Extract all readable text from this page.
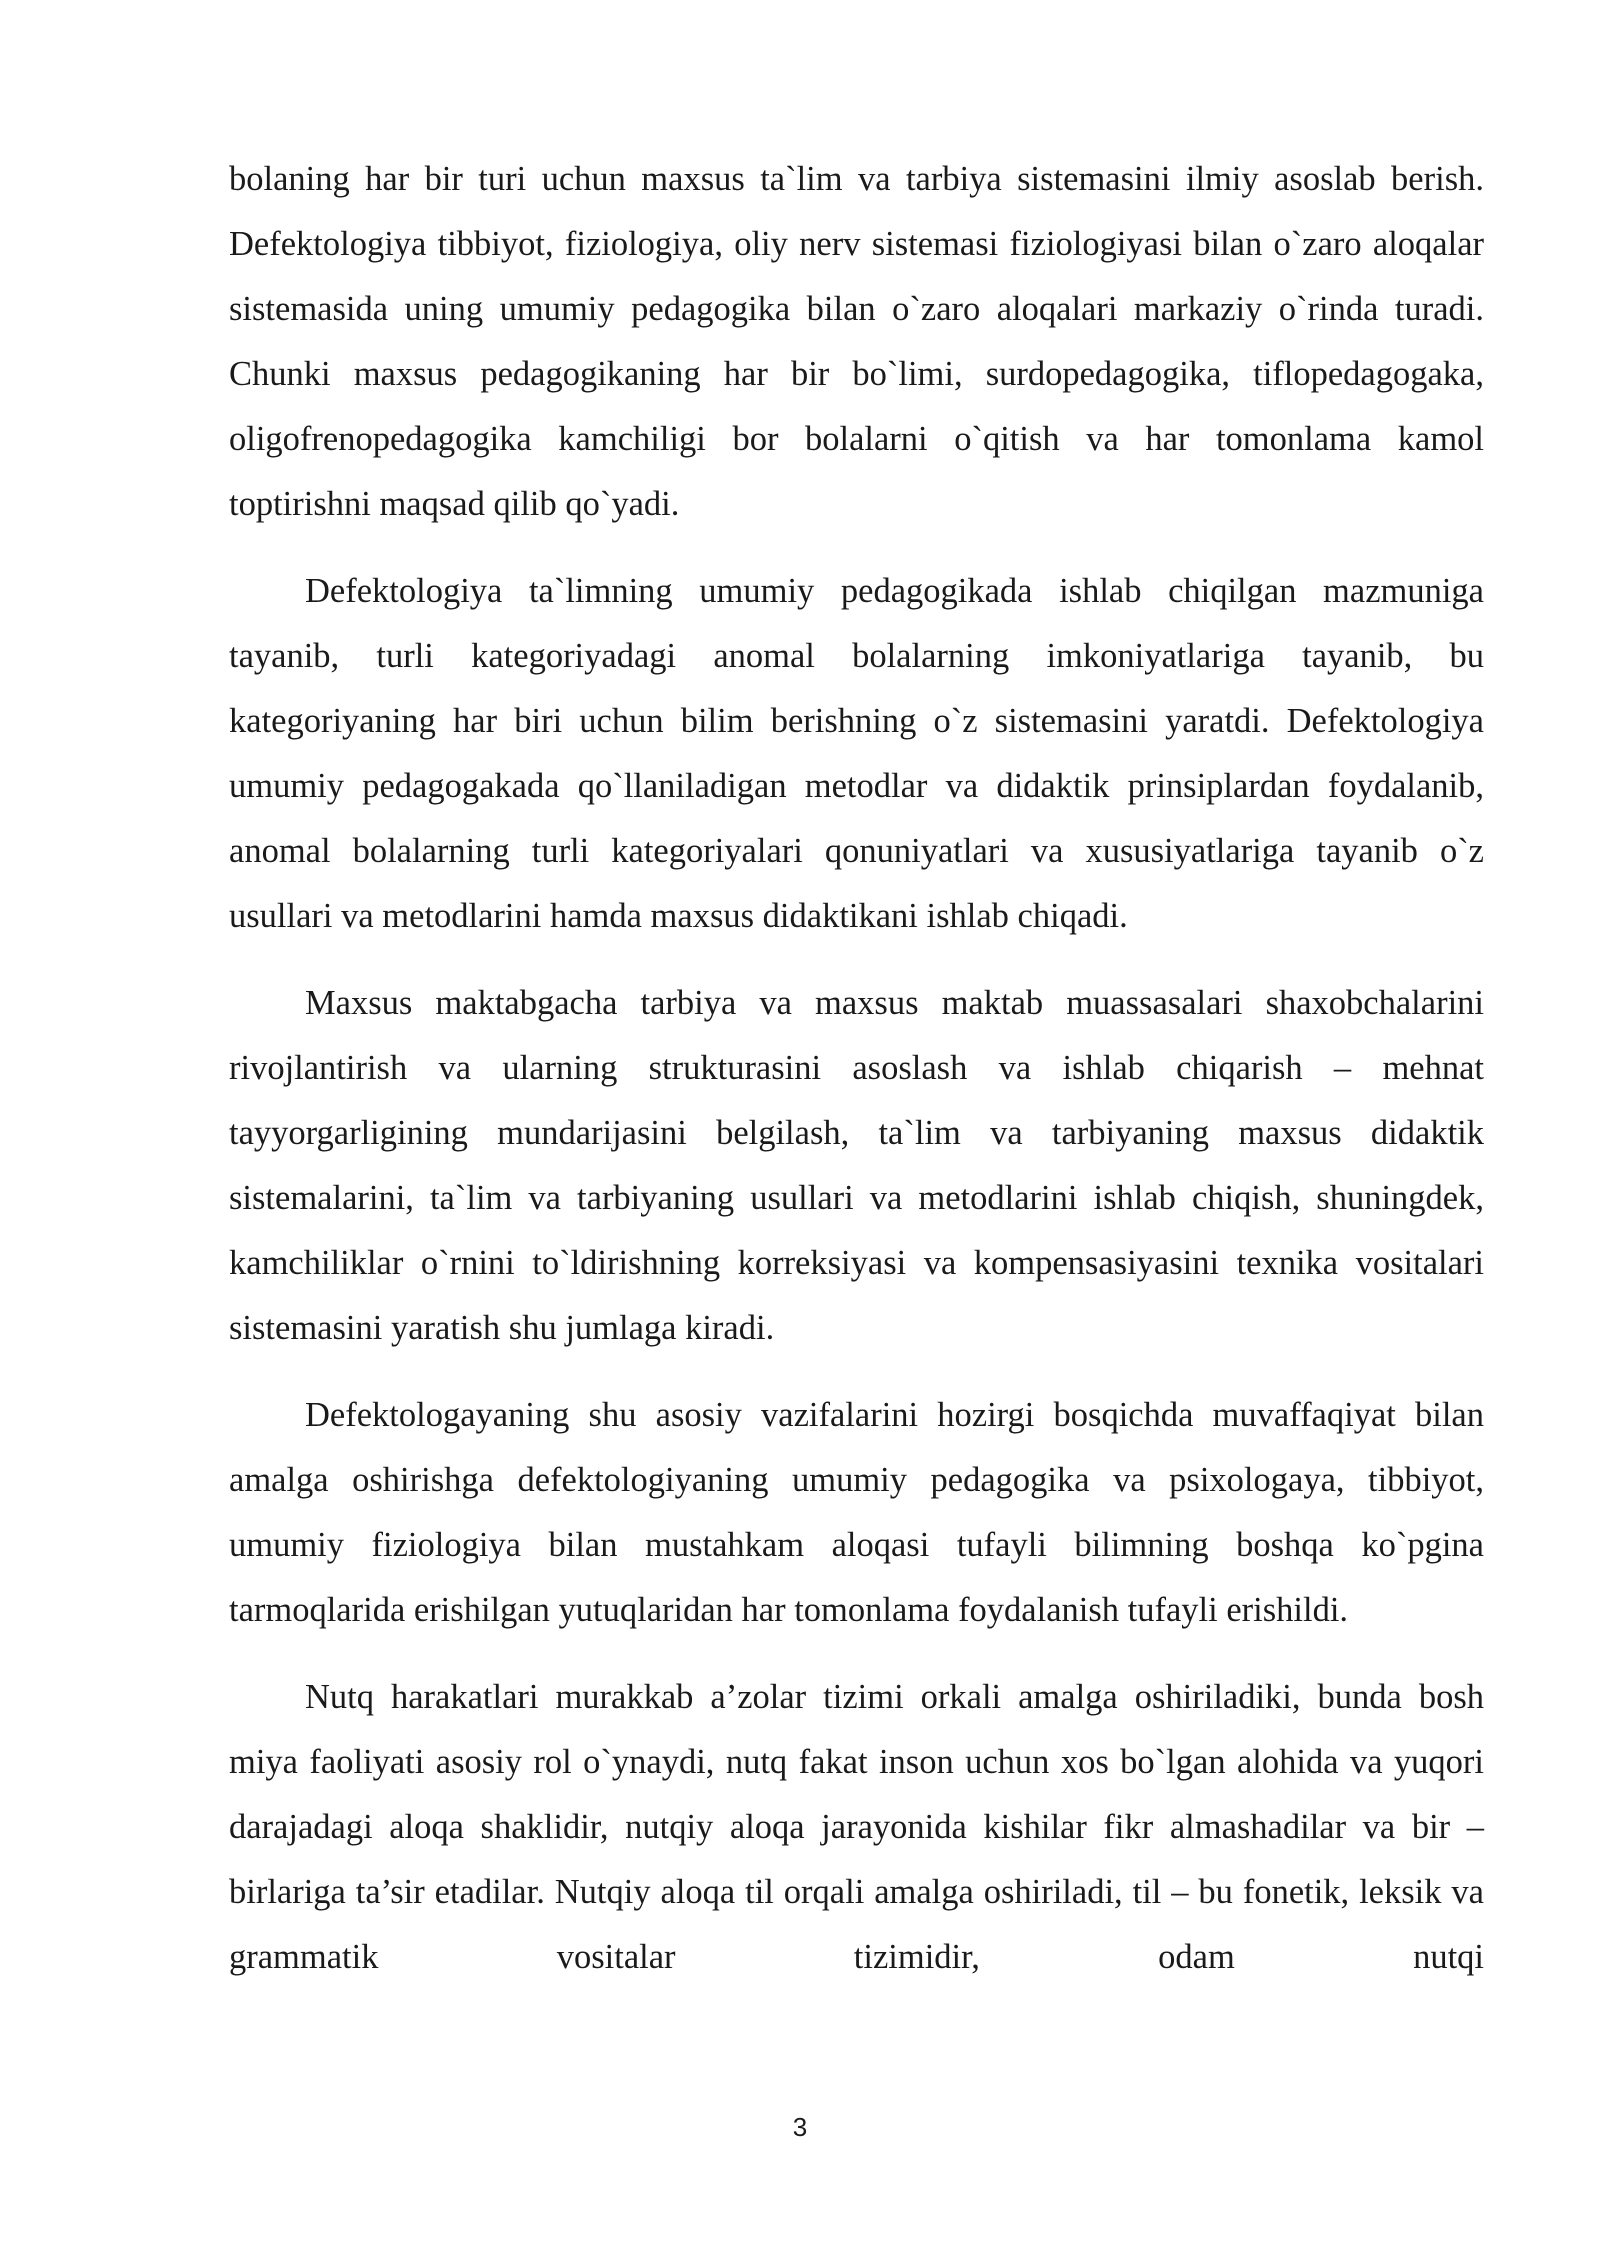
bolaning har bir turi uchun maxsus ta`lim va tarbiya sistemasini ilmiy asoslab berish. Defektologiya tibbiyot, fiziologiya, oliy nerv sistemasi fiziologiyasi bilan o`zaro aloqalar sistemasida uning umumiy pedagogika bilan o`zaro aloqalari markaziy o`rinda turadi. Chunki maxsus pedagogikaning har bir bo`limi, surdopedagogika, tiflopedagogaka, oligofrenopedagogika kamchiligi bor bolalarni o`qitish va har tomonlama kamol toptirishni maqsad qilib qo`yadi.

Defektologiya ta`limning umumiy pedagogikada ishlab chiqilgan mazmuniga tayanib, turli kategoriyadagi anomal bolalarning imkoniyatlariga tayanib, bu kategoriyaning har biri uchun bilim berishning o`z sistemasini yaratdi. Defektologiya umumiy pedagogakada qo`llaniladigan metodlar va didaktik prinsiplardan foydalanib, anomal bolalarning turli kategoriyalari qonuniyatlari va xususiyatlariga tayanib o`z usullari va metodlarini hamda maxsus didaktikani ishlab chiqadi.

Maxsus maktabgacha tarbiya va maxsus maktab muassasalari shaxobchalarini rivojlantirish va ularning strukturasini asoslash va ishlab chiqarish – mehnat tayyorgarligining mundarijasini belgilash, ta`lim va tarbiyaning maxsus didaktik sistemalarini, ta`lim va tarbiyaning usullari va metodlarini ishlab chiqish, shuningdek, kamchiliklar o`rnini to`ldirishning korreksiyasi va kompensasiyasini texnika vositalari sistemasini yaratish shu jumlaga kiradi.

Defektologayaning shu asosiy vazifalarini hozirgi bosqichda muvaffaqiyat bilan amalga oshirishga defektologiyaning umumiy pedagogika va psixologaya, tibbiyot, umumiy fiziologiya bilan mustahkam aloqasi tufayli bilimning boshqa ko`pgina tarmoqlarida erishilgan yutuqlaridan har tomonlama foydalanish tufayli erishildi.

Nutq harakatlari murakkab a’zolar tizimi orkali amalga oshiriladiki, bunda bosh miya faoliyati asosiy rol o`ynaydi, nutq fakat inson uchun xos bo`lgan alohida va yuqori darajadagi aloqa shaklidir, nutqiy aloqa jarayonida kishilar fikr almashadilar va bir – birlariga ta’sir etadilar. Nutqiy aloqa til orqali amalga oshiriladi, til – bu fonetik, leksik va grammatik vositalar tizimidir, odam nutqi

3
